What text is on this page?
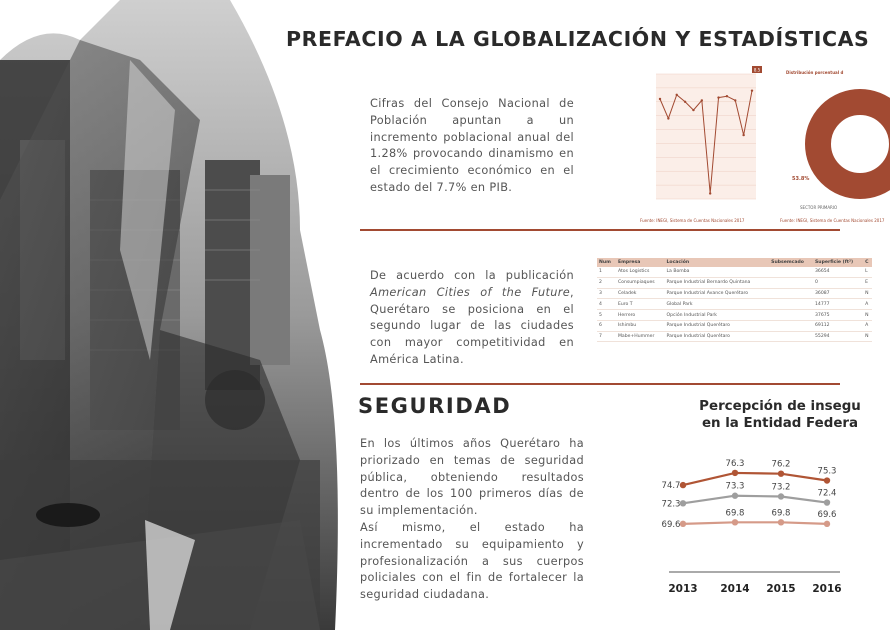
PREFACIO A LA GLOBALIZACIÓN Y ESTADÍSTICAS
Cifras del Consejo Nacional de Población apuntan a un incremento poblacional anual del 1.28% provocando dinamismo en el crecimiento económico en el estado del 7.7% en PIB.
8.5
Fuente: INEGI, Sistema de Cuentas Nacionales 2017
Distribución porcentual d
53.8%
SECTOR PRIMARIO
Fuente: INEGI, Sistema de Cuentas Nacionales 2017
De acuerdo con la publicación American Cities of the Future, Querétaro se posiciona en el segundo lugar de las ciudades con mayor competitividad en América Latina.
Num	Empresa	Locación	Subsemcado	Superficie (ft²)	C
1	Atos Logistics	La Bomba		36654	L
2	Consumpiaques	Parque Industrial Bernardo Quintana		0	E
3	Celadek	Parque Industrial Avance Querétaro		36087	N
4	Euro T	Global Park		14777	A
5	Herrero	Opción Industrial Park		37675	N
6	Ishimbu	Parque Industrial Querétaro		69112	A
7	Mabe+Hummer	Parque Industrial Querétaro		55294	N
SEGURIDAD
En los últimos años Querétaro ha priorizado en temas de seguridad pública, obteniendo resultados dentro de los 100 primeros días de su implementación.
Así mismo, el estado ha incrementado su equipamiento y profesionalización a sus cuerpos policiales con el fin de fortalecer la seguridad ciudadana.
Percepción de insegu
en la Entidad Federa
74.7
76.3	76.2
75.3
72.3
73.3	73.2
72.4
69.6
69.8	69.8	69.6
2013 2014 2015 2016
